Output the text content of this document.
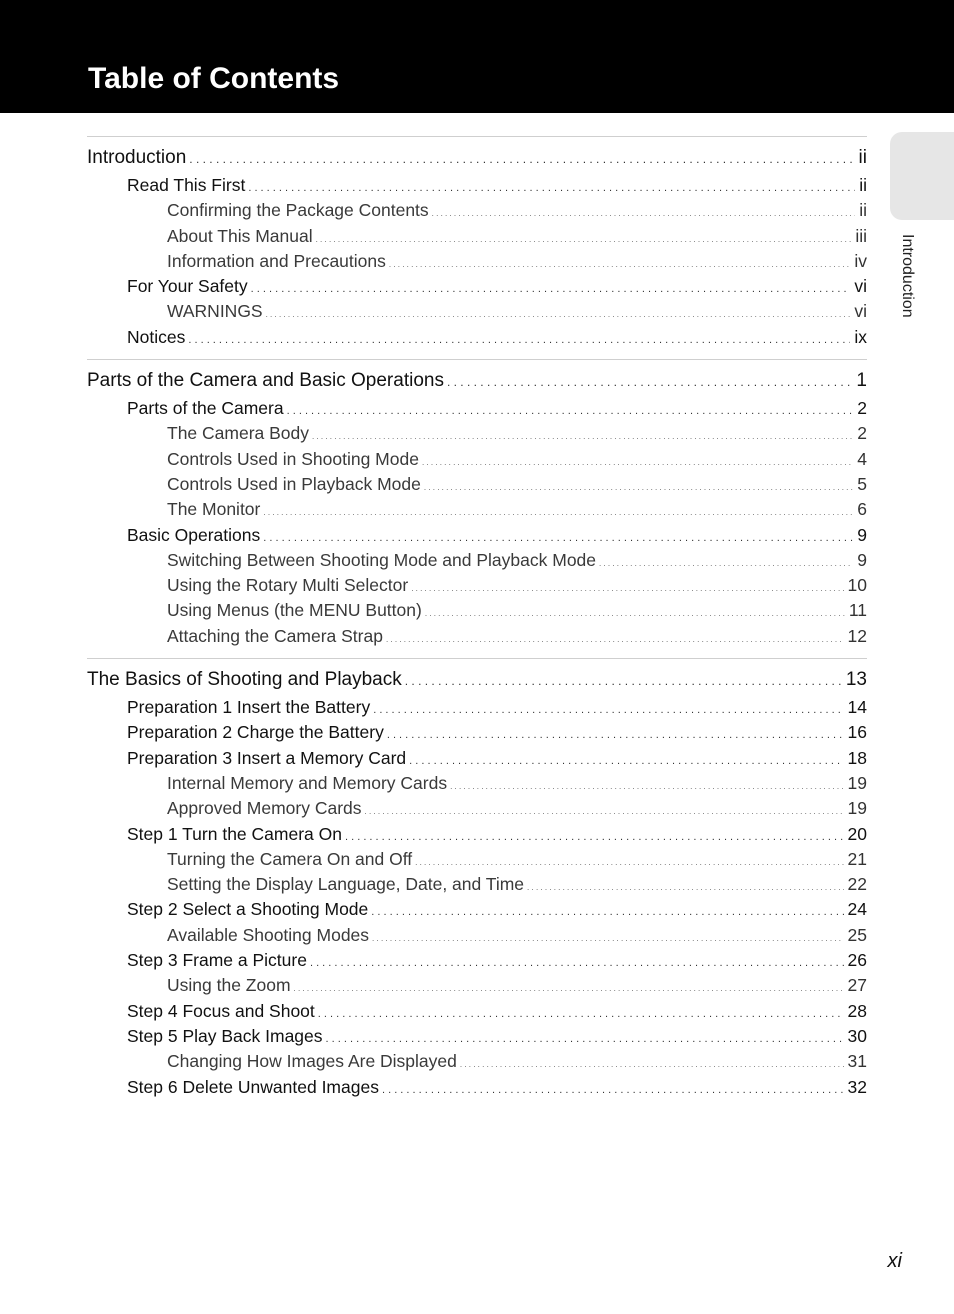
Table of Contents
Introduction
Introduction . . .	ii
Read This First . . .	ii
Confirming the Package Contents . . .	ii
About This Manual . . .	iii
Information and Precautions . . .	iv
For Your Safety . . .	vi
WARNINGS . . .	vi
Notices . . .	ix
Parts of the Camera and Basic Operations . . .	1
Parts of the Camera . . .	2
The Camera Body . . .	2
Controls Used in Shooting Mode . . .	4
Controls Used in Playback Mode . . .	5
The Monitor . . .	6
Basic Operations . . .	9
Switching Between Shooting Mode and Playback Mode . . .	9
Using the Rotary Multi Selector . . .	10
Using Menus (the MENU Button) . . .	11
Attaching the Camera Strap . . .	12
The Basics of Shooting and Playback . . .	13
Preparation 1 Insert the Battery . . .	14
Preparation 2 Charge the Battery . . .	16
Preparation 3 Insert a Memory Card . . .	18
Internal Memory and Memory Cards . . .	19
Approved Memory Cards . . .	19
Step 1 Turn the Camera On . . .	20
Turning the Camera On and Off . . .	21
Setting the Display Language, Date, and Time . . .	22
Step 2 Select a Shooting Mode . . .	24
Available Shooting Modes . . .	25
Step 3 Frame a Picture . . .	26
Using the Zoom . . .	27
Step 4 Focus and Shoot . . .	28
Step 5 Play Back Images . . .	30
Changing How Images Are Displayed . . .	31
Step 6 Delete Unwanted Images . . .	32
xi
